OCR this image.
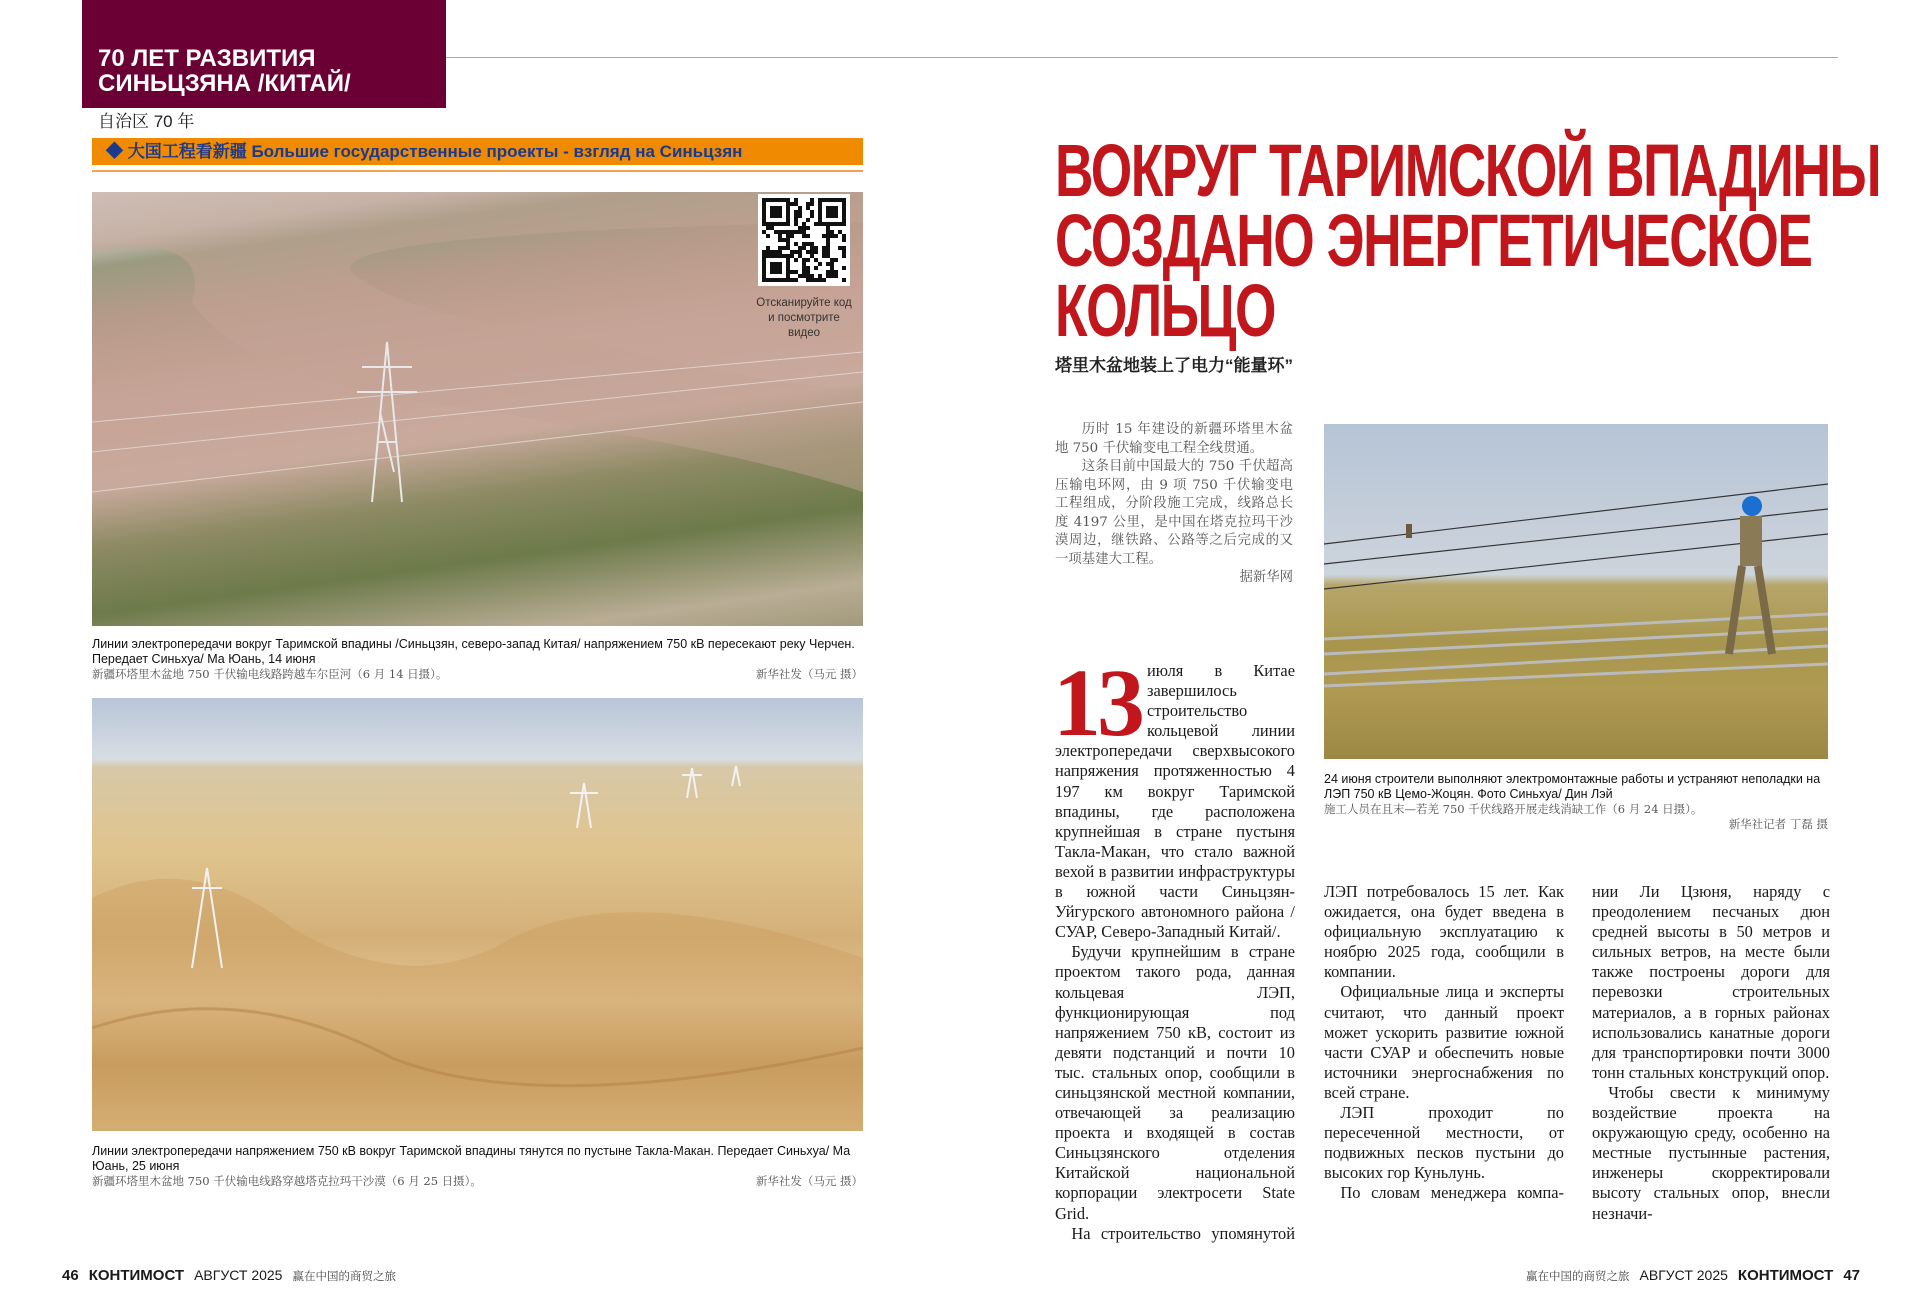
70 ЛЕТ РАЗВИТИЯ
СИНЬЦЗЯНА /КИТАЙ/
自治区 70 年
◆ 大国工程看新疆 Большие государственные проекты - взгляд на Синьцзян
Отсканируйте код и посмотрите видео
Линии электропередачи вокруг Таримской впадины /Синьцзян, северо-запад Китая/ напряжением 750 кВ пересекают реку Черчен. Передает Синьхуа/ Ма Юань, 14 июня
新疆环塔里木盆地 750 千伏输电线路跨越车尔臣河（6 月 14 日摄）。	新华社发（马元 摄）
Линии электропередачи напряжением 750 кВ вокруг Таримской впадины тянутся по пустыне Такла-Макан. Передает Синьхуа/ Ма Юань, 25 июня
新疆环塔里木盆地 750 千伏输电线路穿越塔克拉玛干沙漠（6 月 25 日摄）。	新华社发（马元 摄）
ВОКРУГ ТАРИМСКОЙ ВПАДИНЫ
СОЗДАНО ЭНЕРГЕТИЧЕСКОЕ
КОЛЬЦО
塔里木盆地装上了电力“能量环”

历时 15 年建设的新疆环塔里木盆地 750 千伏输变电工程全线贯通。

这条目前中国最大的 750 千伏超高压输电环网，由 9 项 750 千伏输变电工程组成，分阶段施工完成，线路总长度 4197 公里，是中国在塔克拉玛干沙漠周边，继铁路、公路等之后完成的又一项基建大工程。

据新华网
24 июня строители выполняют электромонтажные работы и устраняют неполадки на ЛЭП 750 кВ Цемо-Жоцян. Фото Синьхуа/ Дин Лэй
施工人员在且末—若羌 750 千伏线路开展走线消缺工作（6 月 24 日摄）。
新华社记者 丁磊 摄
13 июля в Китае завершилось строительство кольцевой линии электропередачи сверхвысокого напряжения протяженностью 4 197 км вокруг Таримской впадины, где расположена крупнейшая в стране пустыня Такла-Макан, что стало важной вехой в развитии инфраструктуры в южной части Синьцзян-Уйгурского автономного района /СУАР, Северо-Западный Китай/.

Будучи крупнейшим в стране проектом такого рода, данная кольцевая ЛЭП, функционирующая под напряжением 750 кВ, состоит из девяти подстанций и почти 10 тыс. стальных опор, сообщили в синьцзянской местной компании, отвечающей за реализацию проекта и входящей в состав Синьцзянского отделения Китайской национальной корпорации электросети State Grid.

На строительство упомянутой

ЛЭП потребовалось 15 лет. Как ожидается, она будет введена в официальную эксплуатацию к ноябрю 2025 года, сообщили в компании.

Официальные лица и эксперты считают, что данный проект может ускорить развитие южной части СУАР и обеспечить новые источники энергоснабжения по всей стране.

ЛЭП проходит по пересеченной местности, от подвижных песков пустыни до высоких гор Куньлунь.

По словам менеджера компа-

нии Ли Цзюня, наряду с преодолением песчаных дюн средней высоты в 50 метров и сильных ветров, на месте были также построены дороги для перевозки строительных материалов, а в горных районах использовались канатные дороги для транспортировки почти 3000 тонн стальных конструкций опор.

Чтобы свести к минимуму воздействие проекта на окружающую среду, особенно на местные пустынные растения, инженеры скорректировали высоту стальных опор, внесли незначи-

46 КОНТИМОСТ АВГУСТ 2025 赢在中国的商贸之旅	赢在中国的商贸之旅 АВГУСТ 2025 КОНТИМОСТ 47
